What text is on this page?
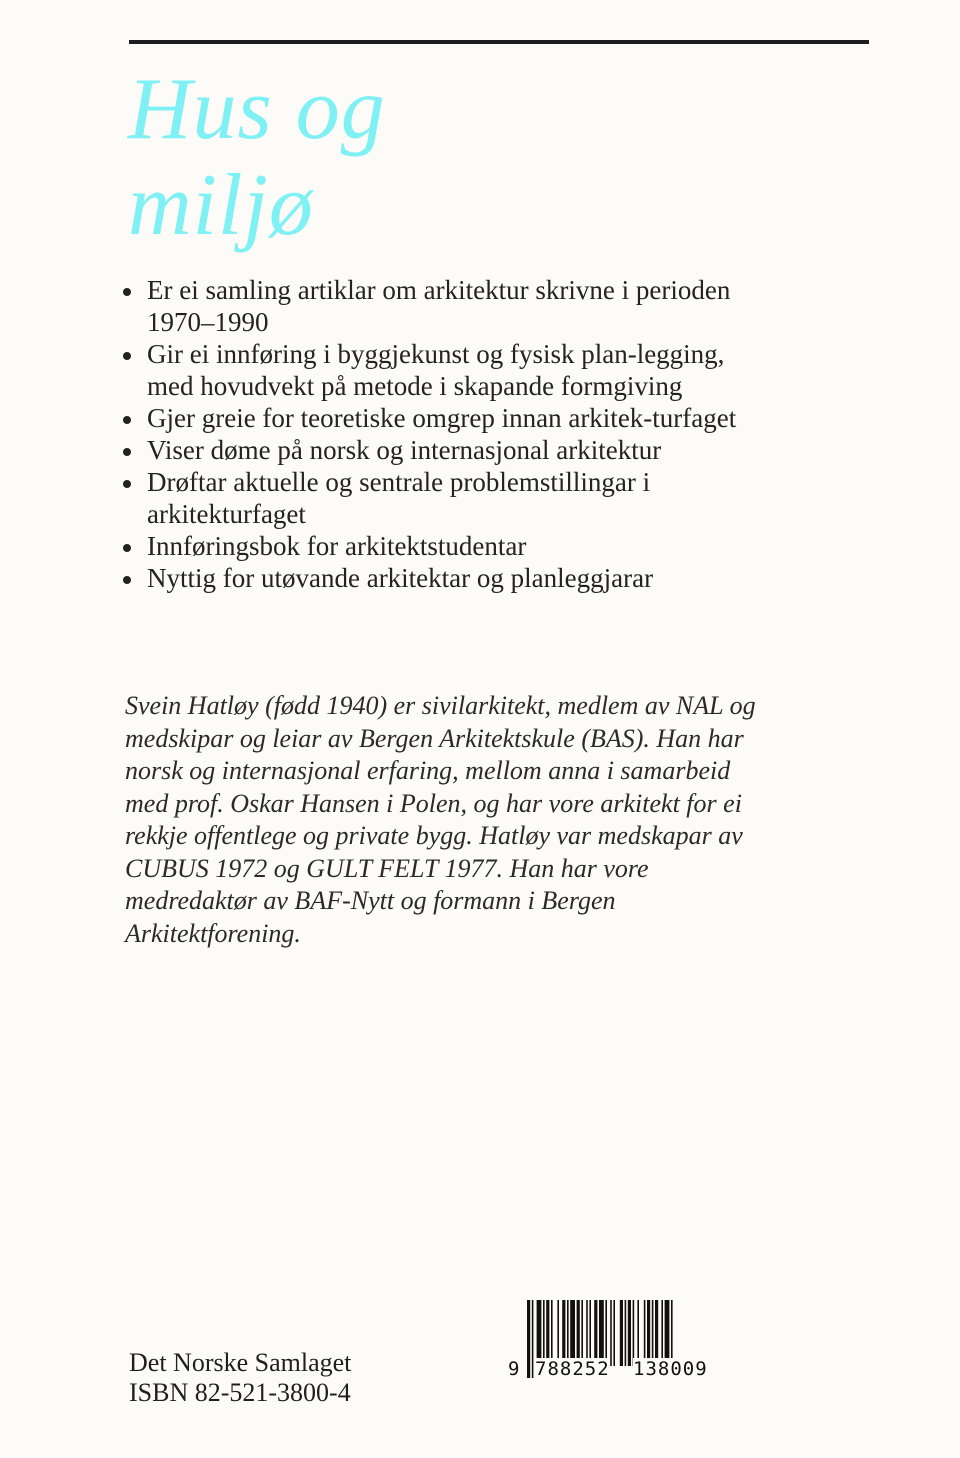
Hus og
miljø
Er ei samling artiklar om arkitektur skrivne i perioden 1970–1990
Gir ei innføring i byggjekunst og fysisk plan-legging, med hovudvekt på metode i skapande formgiving
Gjer greie for teoretiske omgrep innan arkitek-turfaget
Viser døme på norsk og internasjonal arkitektur
Drøftar aktuelle og sentrale problemstillingar i arkitekturfaget
Innføringsbok for arkitektstudentar
Nyttig for utøvande arkitektar og planleggjarar

Svein Hatløy (fødd 1940) er sivilarkitekt, medlem av NAL og medskipar og leiar av Bergen Arkitektskule (BAS). Han har norsk og internasjonal erfaring, mellom anna i samarbeid med prof. Oskar Hansen i Polen, og har vore arkitekt for ei rekkje offentlege og private bygg. Hatløy var medskapar av CUBUS 1972 og GULT FELT 1977. Han har vore medredaktør av BAF-Nytt og formann i Bergen Arkitektforening.

Det Norske Samlaget
ISBN 82-521-3800-4
9 788252 138009
